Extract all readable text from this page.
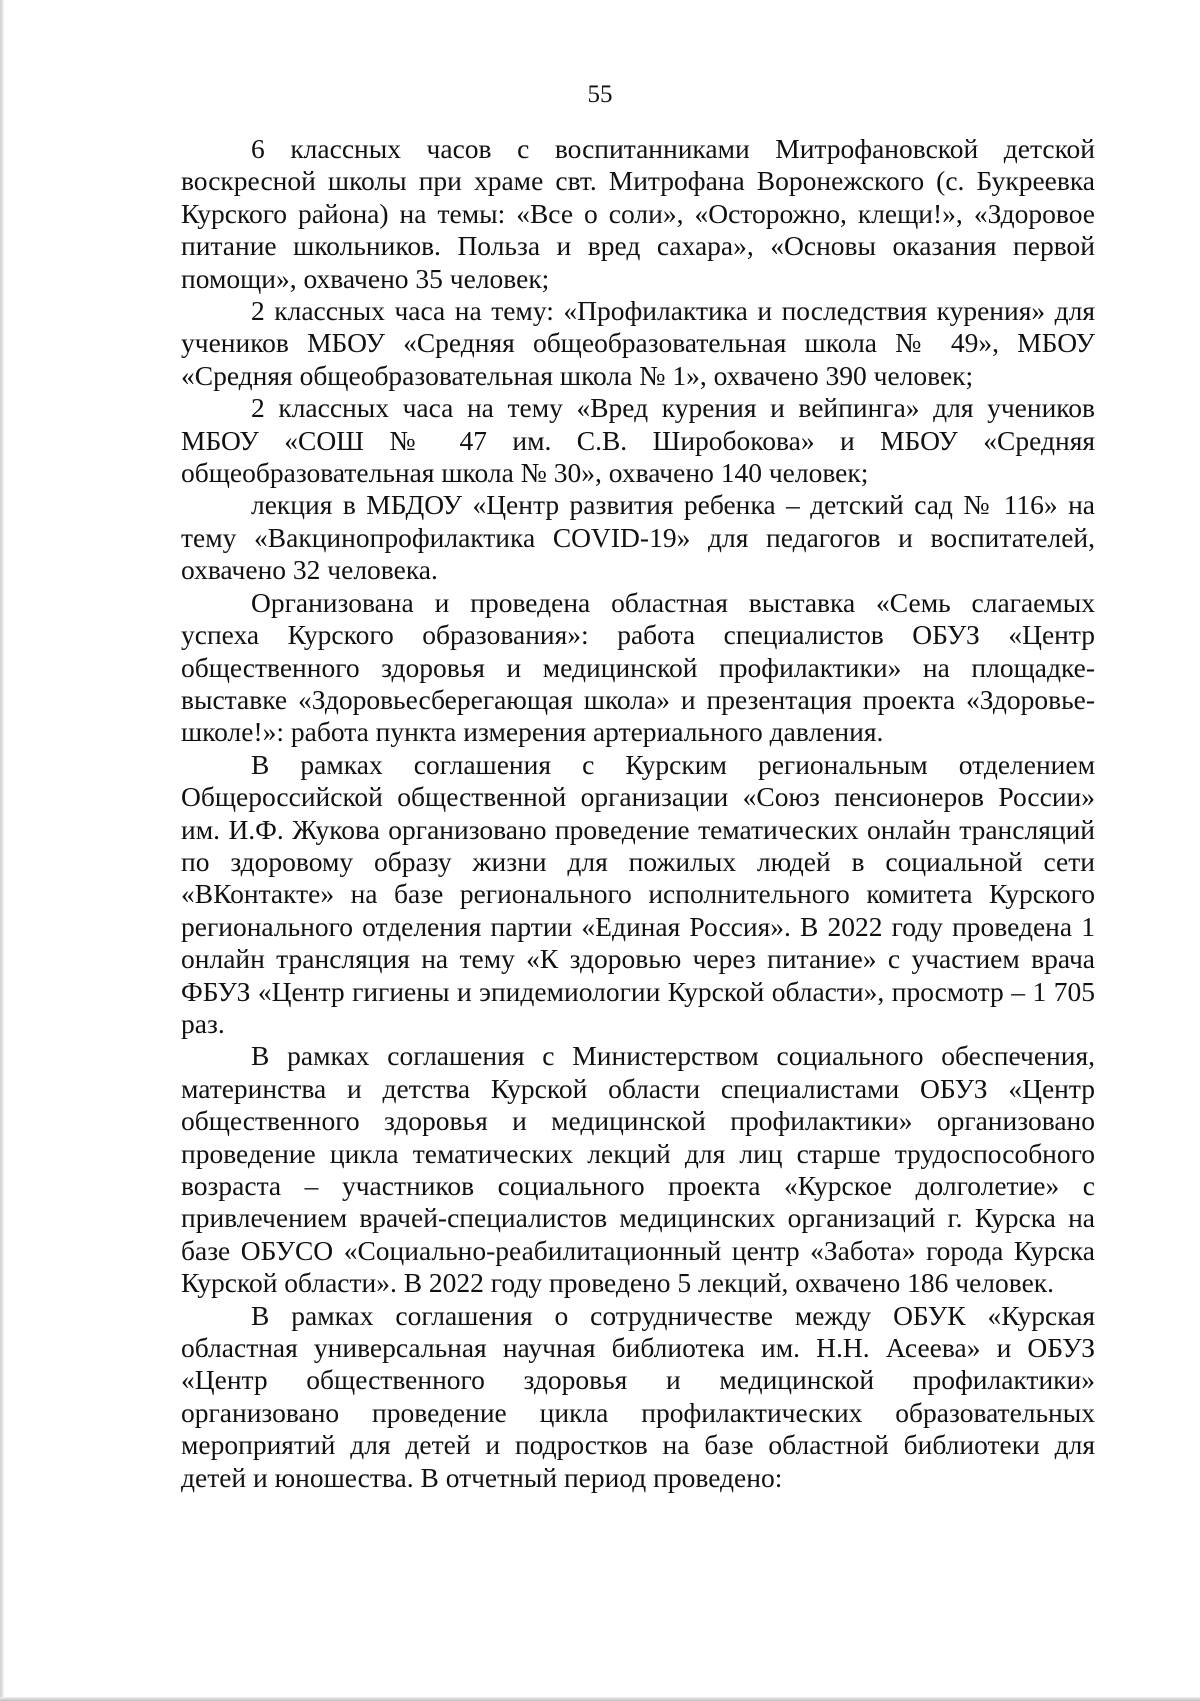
55

6 классных часов с воспитанниками Митрофановской детской воскресной школы при храме свт. Митрофана Воронежского (с. Букреевка Курского района) на темы: «Все о соли», «Осторожно, клещи!», «Здоровое питание школьников. Польза и вред сахара», «Основы оказания первой помощи», охвачено 35 человек;

2 классных часа на тему: «Профилактика и последствия курения» для учеников МБОУ «Средняя общеобразовательная школа № 49», МБОУ «Средняя общеобразовательная школа № 1», охвачено 390 человек;

2 классных часа на тему «Вред курения и вейпинга» для учеников МБОУ «СОШ № 47 им. С.В. Широбокова» и МБОУ «Средняя общеобразовательная школа № 30», охвачено 140 человек;

лекция в МБДОУ «Центр развития ребенка – детский сад № 116» на тему «Вакцинопрофилактика COVID-19» для педагогов и воспитателей, охвачено 32 человека.

Организована и проведена областная выставка «Семь слагаемых успеха Курского образования»: работа специалистов ОБУЗ «Центр общественного здоровья и медицинской профилактики» на площадке-выставке «Здоровьесберегающая школа» и презентация проекта «Здоровье-школе!»: работа пункта измерения артериального давления.

В рамках соглашения с Курским региональным отделением Общероссийской общественной организации «Союз пенсионеров России» им. И.Ф. Жукова организовано проведение тематических онлайн трансляций по здоровому образу жизни для пожилых людей в социальной сети «ВКонтакте» на базе регионального исполнительного комитета Курского регионального отделения партии «Единая Россия». В 2022 году проведена 1 онлайн трансляция на тему «К здоровью через питание» с участием врача ФБУЗ «Центр гигиены и эпидемиологии Курской области», просмотр – 1 705 раз.

В рамках соглашения с Министерством социального обеспечения, материнства и детства Курской области специалистами ОБУЗ «Центр общественного здоровья и медицинской профилактики» организовано проведение цикла тематических лекций для лиц старше трудоспособного возраста – участников социального проекта «Курское долголетие» с привлечением врачей-специалистов медицинских организаций г. Курска на базе ОБУСО «Социально-реабилитационный центр «Забота» города Курска Курской области». В 2022 году проведено 5 лекций, охвачено 186 человек.

В рамках соглашения о сотрудничестве между ОБУК «Курская областная универсальная научная библиотека им. Н.Н. Асеева» и ОБУЗ «Центр общественного здоровья и медицинской профилактики» организовано проведение цикла профилактических образовательных мероприятий для детей и подростков на базе областной библиотеки для детей и юношества. В отчетный период проведено:
